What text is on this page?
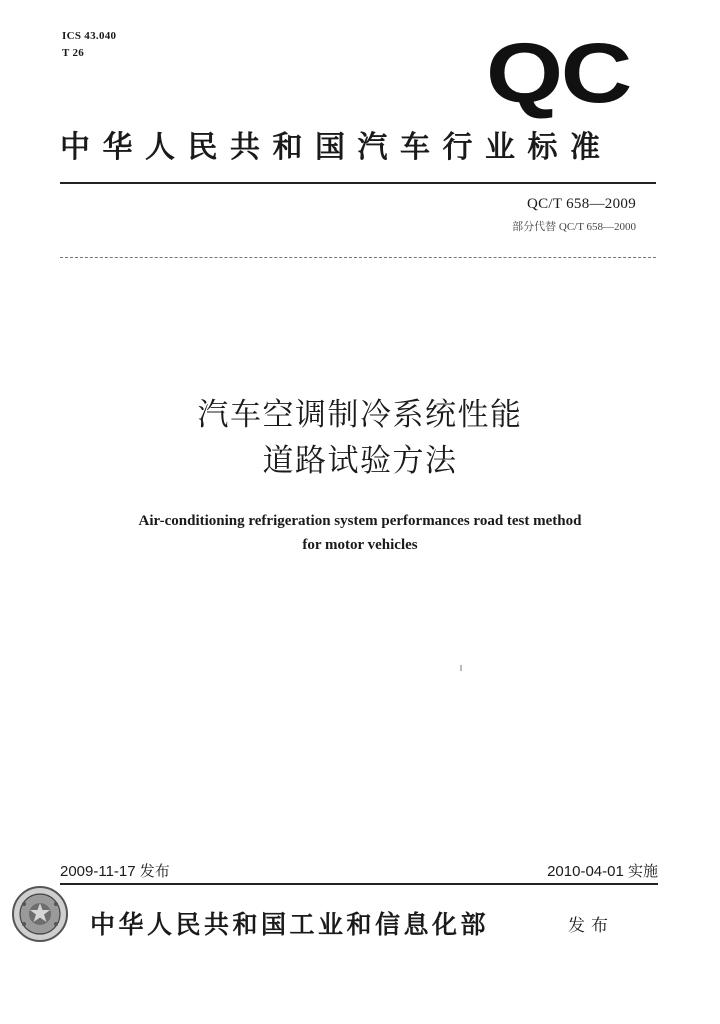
ICS 43.040
T 26	QC
中华人民共和国汽车行业标准
QC/T 658—2009
部分代替 QC/T 658—2000
汽车空调制冷系统性能
道路试验方法
Air-conditioning refrigeration system performances road test method
for motor vehicles
2009-11-17 发布	2010-04-01 实施
中华人民共和国工业和信息化部	发布
